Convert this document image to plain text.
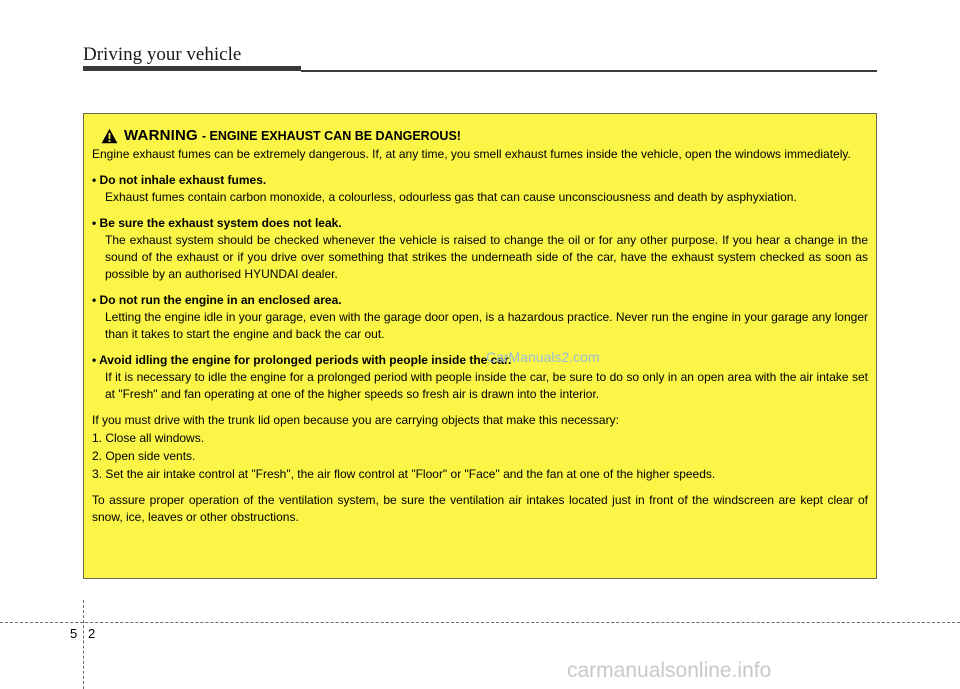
Driving your vehicle
WARNING - ENGINE EXHAUST CAN BE DANGEROUS!

Engine exhaust fumes can be extremely dangerous. If, at any time, you smell exhaust fumes inside the vehicle, open the windows immediately.

• Do not inhale exhaust fumes.

Exhaust fumes contain carbon monoxide, a colourless, odourless gas that can cause unconsciousness and death by asphyxiation.

• Be sure the exhaust system does not leak.

The exhaust system should be checked whenever the vehicle is raised to change the oil or for any other purpose. If you hear a change in the sound of the exhaust or if you drive over something that strikes the underneath side of the car, have the exhaust system checked as soon as possible by an authorised HYUNDAI dealer.

• Do not run the engine in an enclosed area.

Letting the engine idle in your garage, even with the garage door open, is a hazardous practice. Never run the engine in your garage any longer than it takes to start the engine and back the car out.

• Avoid idling the engine for prolonged periods with people inside the car.

If it is necessary to idle the engine for a prolonged period with people inside the car, be sure to do so only in an open area with the air intake set at "Fresh" and fan operating at one of the higher speeds so fresh air is drawn into the interior.

If you must drive with the trunk lid open because you are carrying objects that make this necessary:

1. Close all windows.

2. Open side vents.

3. Set the air intake control at "Fresh", the air flow control at "Floor" or "Face" and the fan at one of the higher speeds.

To assure proper operation of the ventilation system, be sure the ventilation air intakes located just in front of the windscreen are kept clear of snow, ice, leaves or other obstructions.

CarManuals2.com
5 2
carmanualsonline.info
